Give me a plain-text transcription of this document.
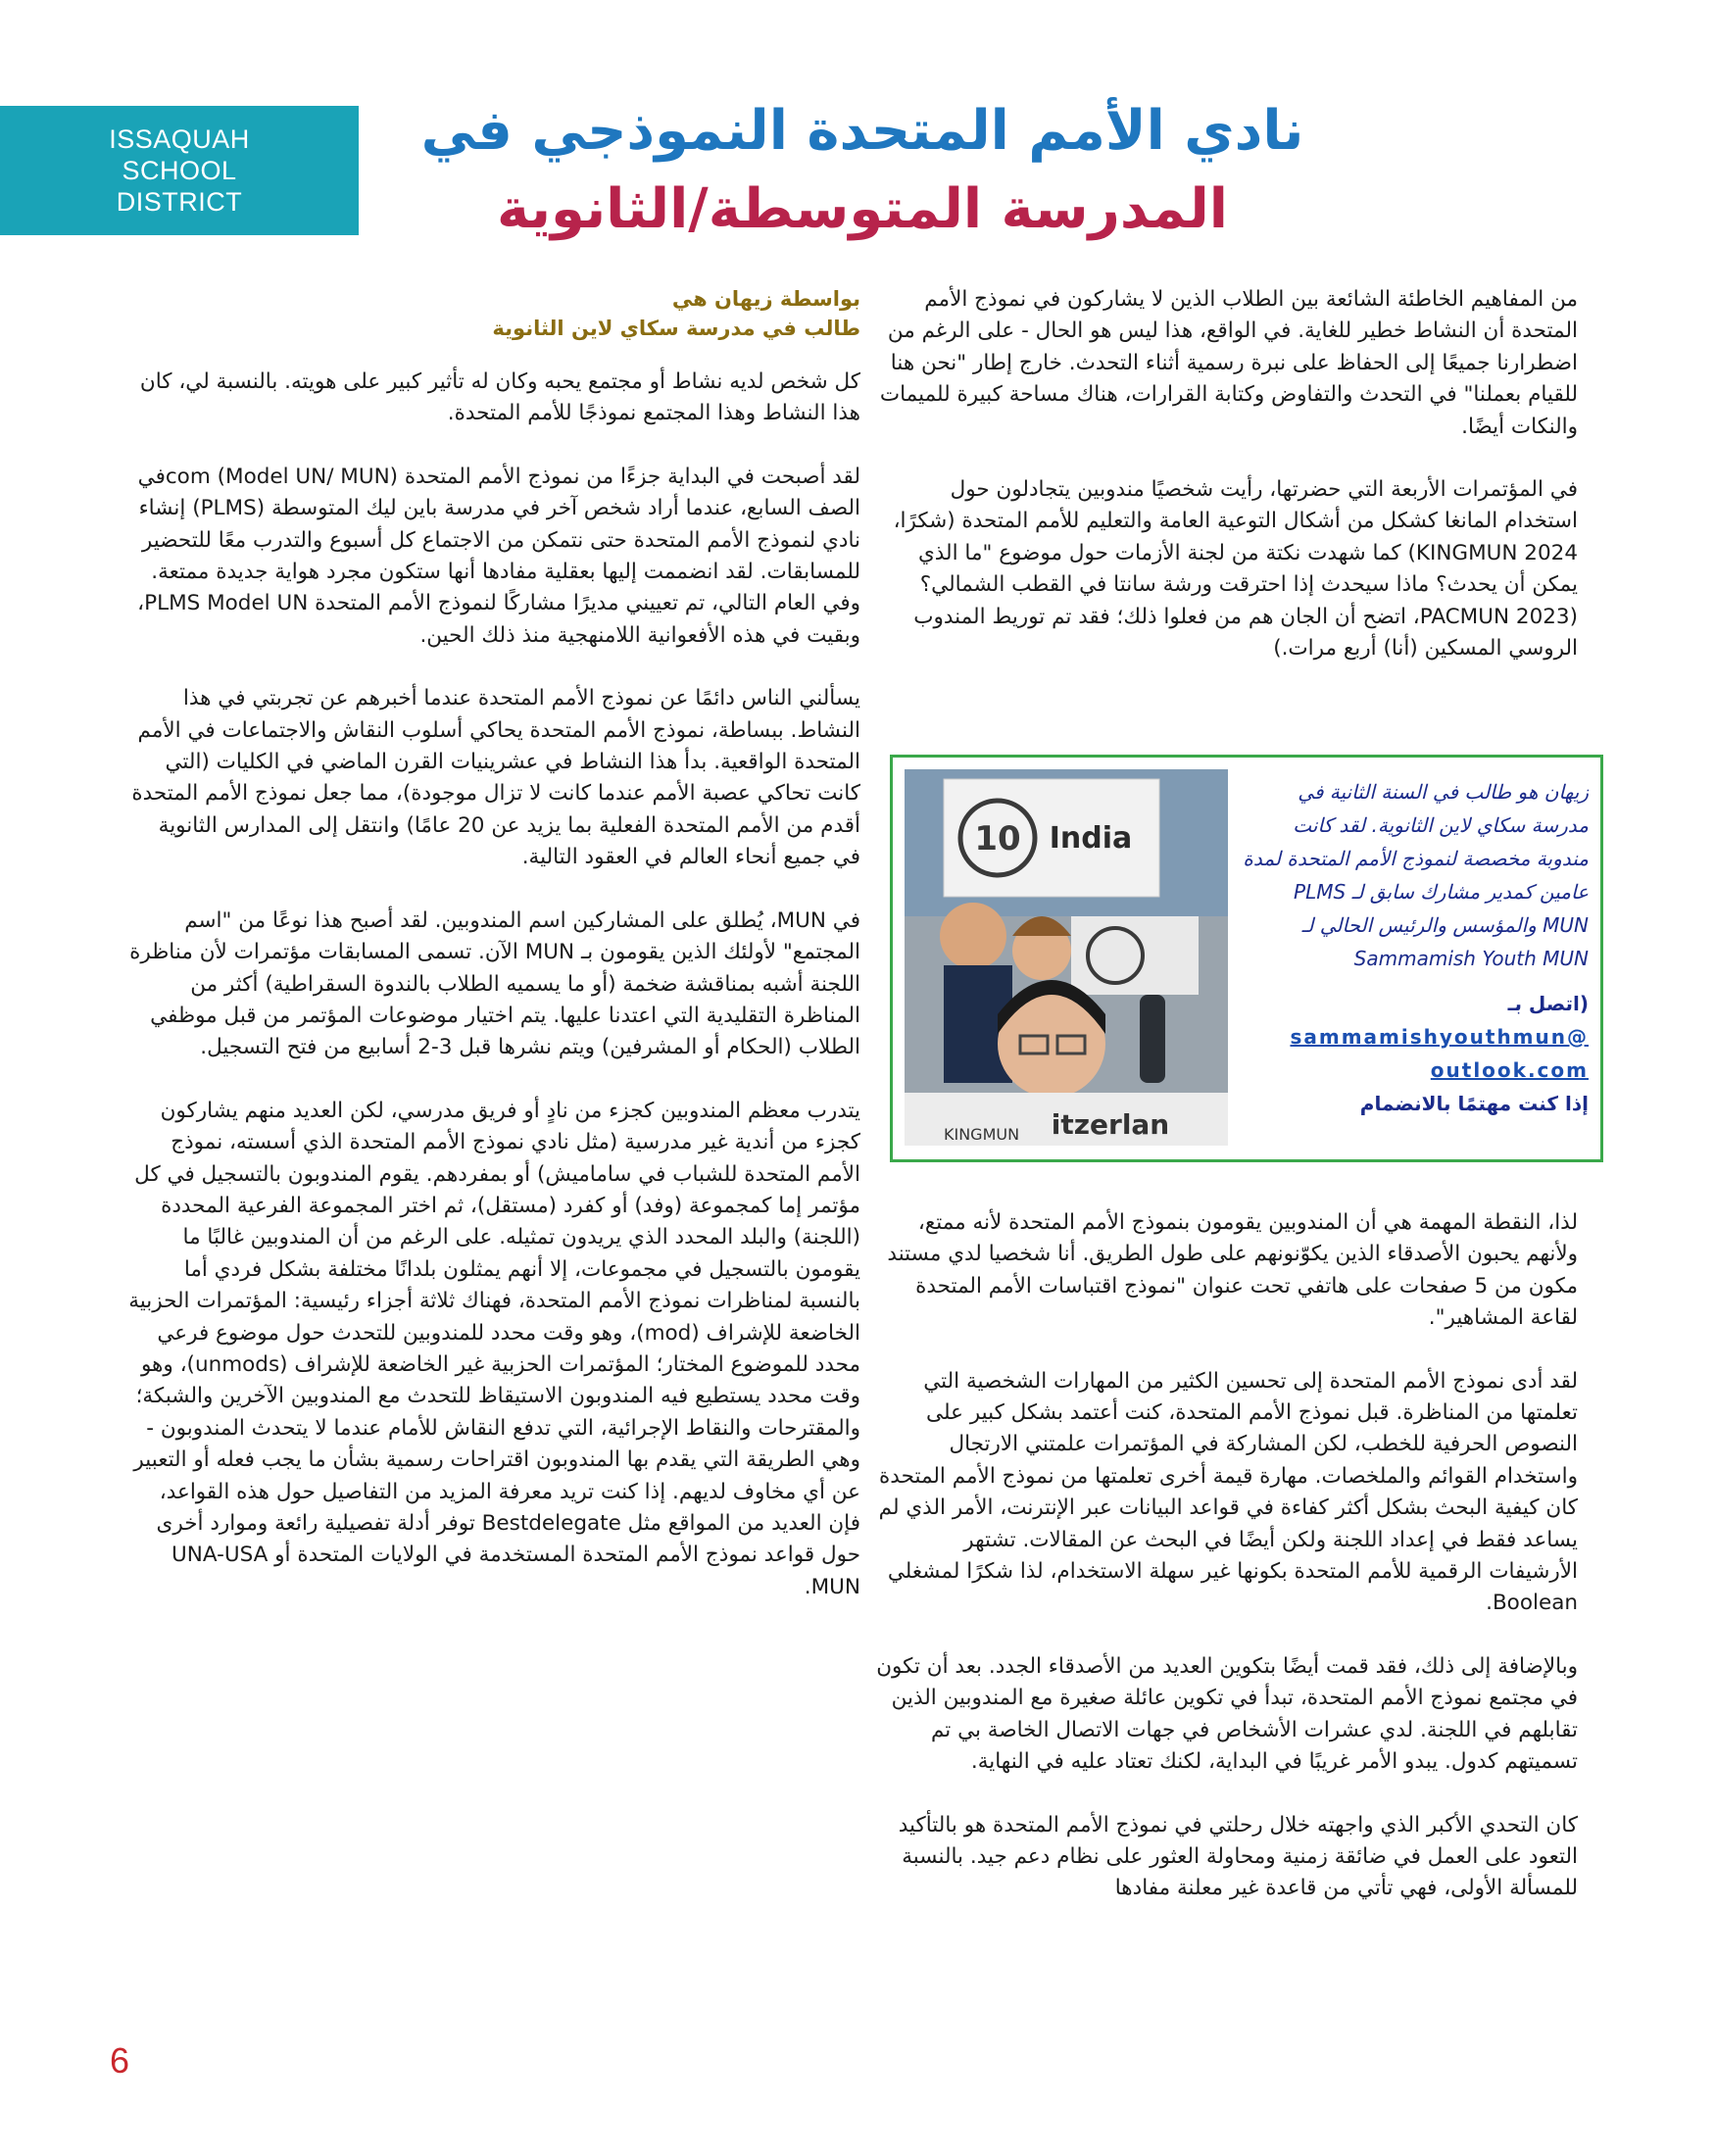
ISSAQUAH
SCHOOL
DISTRICT
نادي الأمم المتحدة النموذجي في
المدرسة المتوسطة/الثانوية
بواسطة زيهان هي
طالب في مدرسة سكاي لاين الثانوية

كل شخص لديه نشاط أو مجتمع يحبه وكان له تأثير كبير على هويته. بالنسبة لي، كان هذا النشاط وهذا المجتمع نموذجًا للأمم المتحدة.

لقد أصبحت في البداية جزءًا من نموذج الأمم المتحدة (Model UN/ MUN) comفي الصف السابع، عندما أراد شخص آخر في مدرسة باين ليك المتوسطة (PLMS) إنشاء نادي لنموذج الأمم المتحدة حتى نتمكن من الاجتماع كل أسبوع والتدرب معًا للتحضير للمسابقات. لقد انضممت إليها بعقلية مفادها أنها ستكون مجرد هواية جديدة ممتعة. وفي العام التالي، تم تعييني مديرًا مشاركًا لنموذج الأمم المتحدة PLMS Model UN، وبقيت في هذه الأفعوانية اللامنهجية منذ ذلك الحين.

يسألني الناس دائمًا عن نموذج الأمم المتحدة عندما أخبرهم عن تجربتي في هذا النشاط. ببساطة، نموذج الأمم المتحدة يحاكي أسلوب النقاش والاجتماعات في الأمم المتحدة الواقعية. بدأ هذا النشاط في عشرينيات القرن الماضي في الكليات (التي كانت تحاكي عصبة الأمم عندما كانت لا تزال موجودة)، مما جعل نموذج الأمم المتحدة أقدم من الأمم المتحدة الفعلية بما يزيد عن 20 عامًا) وانتقل إلى المدارس الثانوية في جميع أنحاء العالم في العقود التالية.

في MUN، يُطلق على المشاركين اسم المندوبين. لقد أصبح هذا نوعًا من "اسم المجتمع" لأولئك الذين يقومون بـ MUN الآن. تسمى المسابقات مؤتمرات لأن مناظرة اللجنة أشبه بمناقشة ضخمة (أو ما يسميه الطلاب بالندوة السقراطية) أكثر من المناظرة التقليدية التي اعتدنا عليها. يتم اختيار موضوعات المؤتمر من قبل موظفي الطلاب (الحكام أو المشرفين) ويتم نشرها قبل 3-2 أسابيع من فتح التسجيل.

يتدرب معظم المندوبين كجزء من نادٍ أو فريق مدرسي، لكن العديد منهم يشاركون كجزء من أندية غير مدرسية (مثل نادي نموذج الأمم المتحدة الذي أسسته، نموذج الأمم المتحدة للشباب في ساماميش) أو بمفردهم. يقوم المندوبون بالتسجيل في كل مؤتمر إما كمجموعة (وفد) أو كفرد (مستقل)، ثم اختر المجموعة الفرعية المحددة (اللجنة) والبلد المحدد الذي يريدون تمثيله. على الرغم من أن المندوبين غالبًا ما يقومون بالتسجيل في مجموعات، إلا أنهم يمثلون بلدانًا مختلفة بشكل فردي أما بالنسبة لمناظرات نموذج الأمم المتحدة، فهناك ثلاثة أجزاء رئيسية: المؤتمرات الحزبية الخاضعة للإشراف (mod)، وهو وقت محدد للمندوبين للتحدث حول موضوع فرعي محدد للموضوع المختار؛ المؤتمرات الحزبية غير الخاضعة للإشراف (unmods)، وهو وقت محدد يستطيع فيه المندوبون الاستيقاظ للتحدث مع المندوبين الآخرين والشبكة؛ والمقترحات والنقاط الإجرائية، التي تدفع النقاش للأمام عندما لا يتحدث المندوبون - وهي الطريقة التي يقدم بها المندوبون اقتراحات رسمية بشأن ما يجب فعله أو التعبير عن أي مخاوف لديهم. إذا كنت تريد معرفة المزيد من التفاصيل حول هذه القواعد، فإن العديد من المواقع مثل Bestdelegate توفر أدلة تفصيلية رائعة وموارد أخرى حول قواعد نموذج الأمم المتحدة المستخدمة في الولايات المتحدة أو UNA-USA MUN.

من المفاهيم الخاطئة الشائعة بين الطلاب الذين لا يشاركون في نموذج الأمم المتحدة أن النشاط خطير للغاية. في الواقع، هذا ليس هو الحال - على الرغم من اضطرارنا جميعًا إلى الحفاظ على نبرة رسمية أثناء التحدث. خارج إطار "نحن هنا للقيام بعملنا" في التحدث والتفاوض وكتابة القرارات، هناك مساحة كبيرة للميمات والنكات أيضًا.

في المؤتمرات الأربعة التي حضرتها، رأيت شخصيًا مندوبين يتجادلون حول استخدام المانغا كشكل من أشكال التوعية العامة والتعليم للأمم المتحدة (شكرًا، KINGMUN 2024) كما شهدت نكتة من لجنة الأزمات حول موضوع "ما الذي يمكن أن يحدث؟ ماذا سيحدث إذا احترقت ورشة سانتا في القطب الشمالي؟ (PACMUN 2023، اتضح أن الجان هم من فعلوا ذلك؛ فقد تم توريط المندوب الروسي المسكين (أنا) أربع مرات.)

10 India
itzerlan
KINGMUN
زيهان هو طالب في السنة الثانية في مدرسة سكاي لاين الثانوية. لقد كانت مندوبة مخصصة لنموذج الأمم المتحدة لمدة عامين كمدير مشارك سابق لـ PLMS MUN والمؤسس والرئيس الحالي لـ Sammamish Youth MUN
(اتصل بـ
sammamishyouthmun@
outlook.com
إذا كنت مهتمًا بالانضمام

لذا، النقطة المهمة هي أن المندوبين يقومون بنموذج الأمم المتحدة لأنه ممتع، ولأنهم يحبون الأصدقاء الذين يكوّنونهم على طول الطريق. أنا شخصيا لدي مستند مكون من 5 صفحات على هاتفي تحت عنوان "نموذج اقتباسات الأمم المتحدة لقاعة المشاهير".

لقد أدى نموذج الأمم المتحدة إلى تحسين الكثير من المهارات الشخصية التي تعلمتها من المناظرة. قبل نموذج الأمم المتحدة، كنت أعتمد بشكل كبير على النصوص الحرفية للخطب، لكن المشاركة في المؤتمرات علمتني الارتجال واستخدام القوائم والملخصات. مهارة قيمة أخرى تعلمتها من نموذج الأمم المتحدة كان كيفية البحث بشكل أكثر كفاءة في قواعد البيانات عبر الإنترنت، الأمر الذي لم يساعد فقط في إعداد اللجنة ولكن أيضًا في البحث عن المقالات. تشتهر الأرشيفات الرقمية للأمم المتحدة بكونها غير سهلة الاستخدام، لذا شكرًا لمشغلي Boolean.

وبالإضافة إلى ذلك، فقد قمت أيضًا بتكوين العديد من الأصدقاء الجدد. بعد أن تكون في مجتمع نموذج الأمم المتحدة، تبدأ في تكوين عائلة صغيرة مع المندوبين الذين تقابلهم في اللجنة. لدي عشرات الأشخاص في جهات الاتصال الخاصة بي تم تسميتهم كدول. يبدو الأمر غريبًا في البداية، لكنك تعتاد عليه في النهاية.

كان التحدي الأكبر الذي واجهته خلال رحلتي في نموذج الأمم المتحدة هو بالتأكيد التعود على العمل في ضائقة زمنية ومحاولة العثور على نظام دعم جيد. بالنسبة للمسألة الأولى، فهي تأتي من قاعدة غير معلنة مفادها

6
